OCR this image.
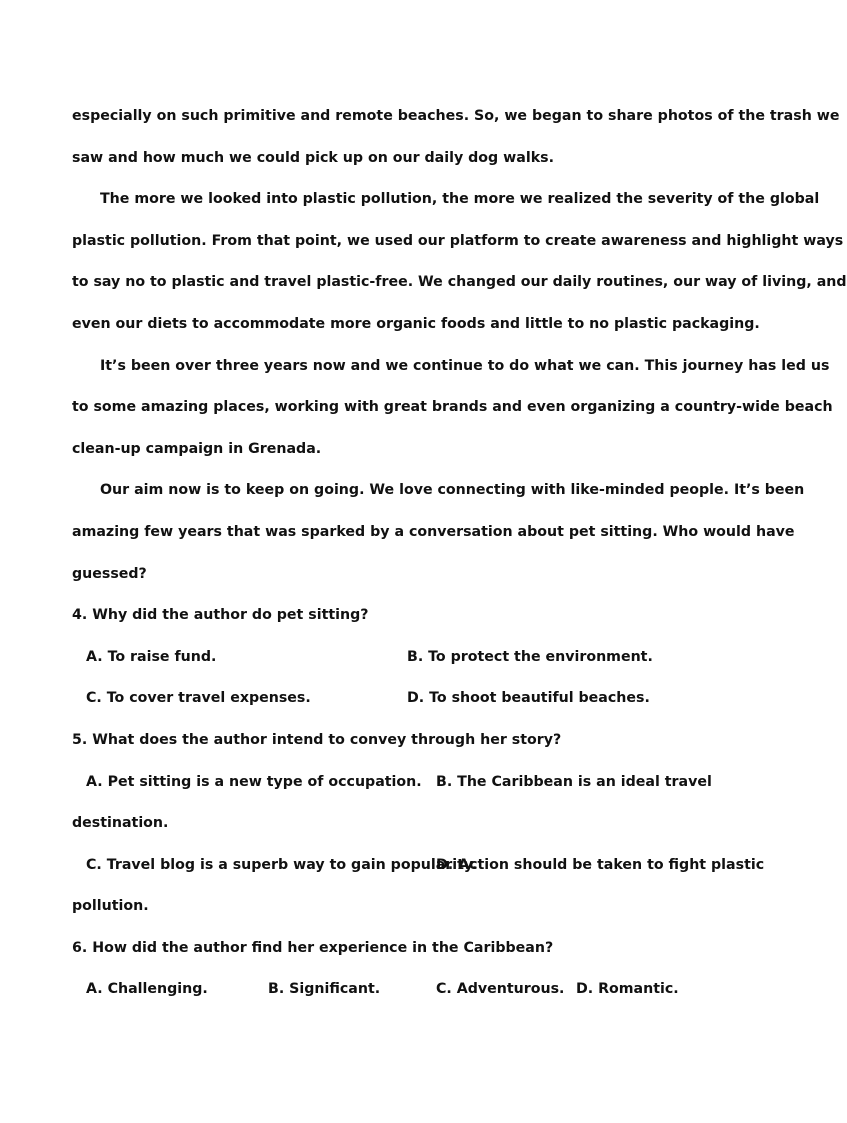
especially on such primitive and remote beaches. So, we began to share photos of the trash we
saw and how much we could pick up on our daily dog walks.
The more we looked into plastic pollution, the more we realized the severity of the global
plastic pollution. From that point, we used our platform to create awareness and highlight ways
to say no to plastic and travel plastic-free. We changed our daily routines, our way of living, and
even our diets to accommodate more organic foods and little to no plastic packaging.
It’s been over three years now and we continue to do what we can. This journey has led us
to some amazing places, working with great brands and even organizing a country-wide beach
clean-up campaign in Grenada.
Our aim now is to keep on going. We love connecting with like-minded people. It’s been
amazing few years that was sparked by a conversation about pet sitting. Who would have
guessed?
4. Why did the author do pet sitting?
A. To raise fund.	B. To protect the environment.
C. To cover travel expenses.	D. To shoot beautiful beaches.
5. What does the author intend to convey through her story?
A. Pet sitting is a new type of occupation. B. The Caribbean is an ideal travel
destination.
C. Travel blog is a superb way to gain popularity.
D. Action should be taken to fight plastic
pollution.
6. How did the author find her experience in the Caribbean?
A. Challenging.	B. Significant.	C. Adventurous. D. Romantic.
